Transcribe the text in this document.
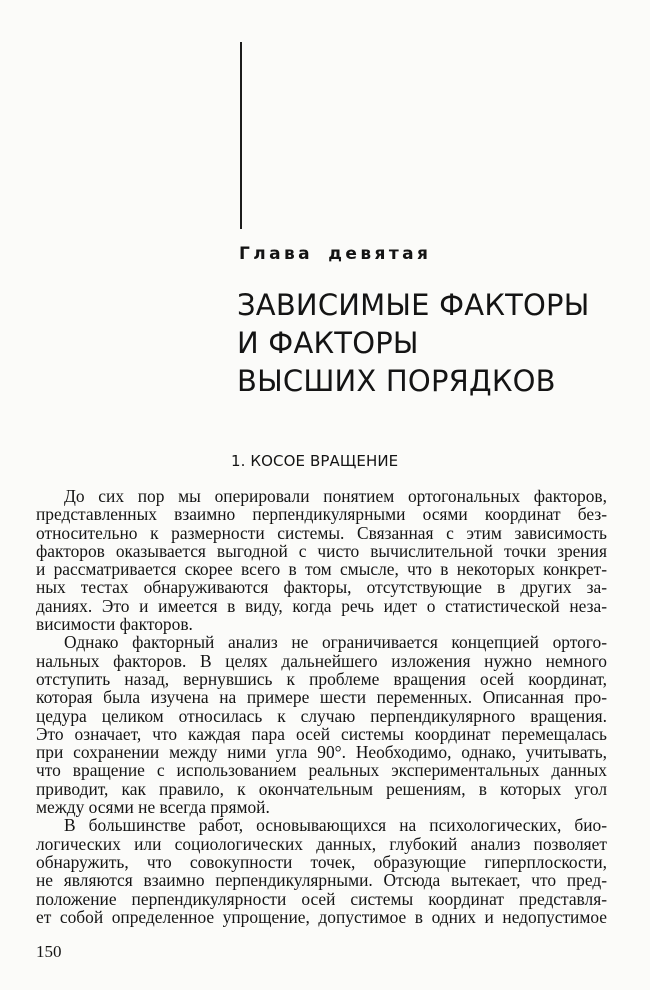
Глава девятая

ЗАВИСИМЫЕ ФАКТОРЫ
И ФАКТОРЫ
ВЫСШИХ ПОРЯДКОВ
1. КОСОЕ ВРАЩЕНИЕ
До сих пор мы оперировали понятием ортогональных факторов,
представленных взаимно перпендикулярными осями координат без-
относительно к размерности системы. Связанная с этим зависимость
факторов оказывается выгодной с чисто вычислительной точки зрения
и рассматривается скорее всего в том смысле, что в некоторых конкрет-
ных тестах обнаруживаются факторы, отсутствующие в других за-
даниях. Это и имеется в виду, когда речь идет о статистической неза-
висимости факторов.
Однако факторный анализ не ограничивается концепцией ортого-
нальных факторов. В целях дальнейшего изложения нужно немного
отступить назад, вернувшись к проблеме вращения осей координат,
которая была изучена на примере шести переменных. Описанная про-
цедура целиком относилась к случаю перпендикулярного вращения.
Это означает, что каждая пара осей системы координат перемещалась
при сохранении между ними угла 90°. Необходимо, однако, учитывать,
что вращение с использованием реальных экспериментальных данных
приводит, как правило, к окончательным решениям, в которых угол
между осями не всегда прямой.
В большинстве работ, основывающихся на психологических, био-
логических или социологических данных, глубокий анализ позволяет
обнаружить, что совокупности точек, образующие гиперплоскости,
не являются взаимно перпендикулярными. Отсюда вытекает, что пред-
положение перпендикулярности осей системы координат представля-
ет собой определенное упрощение, допустимое в одних и недопустимое

150
